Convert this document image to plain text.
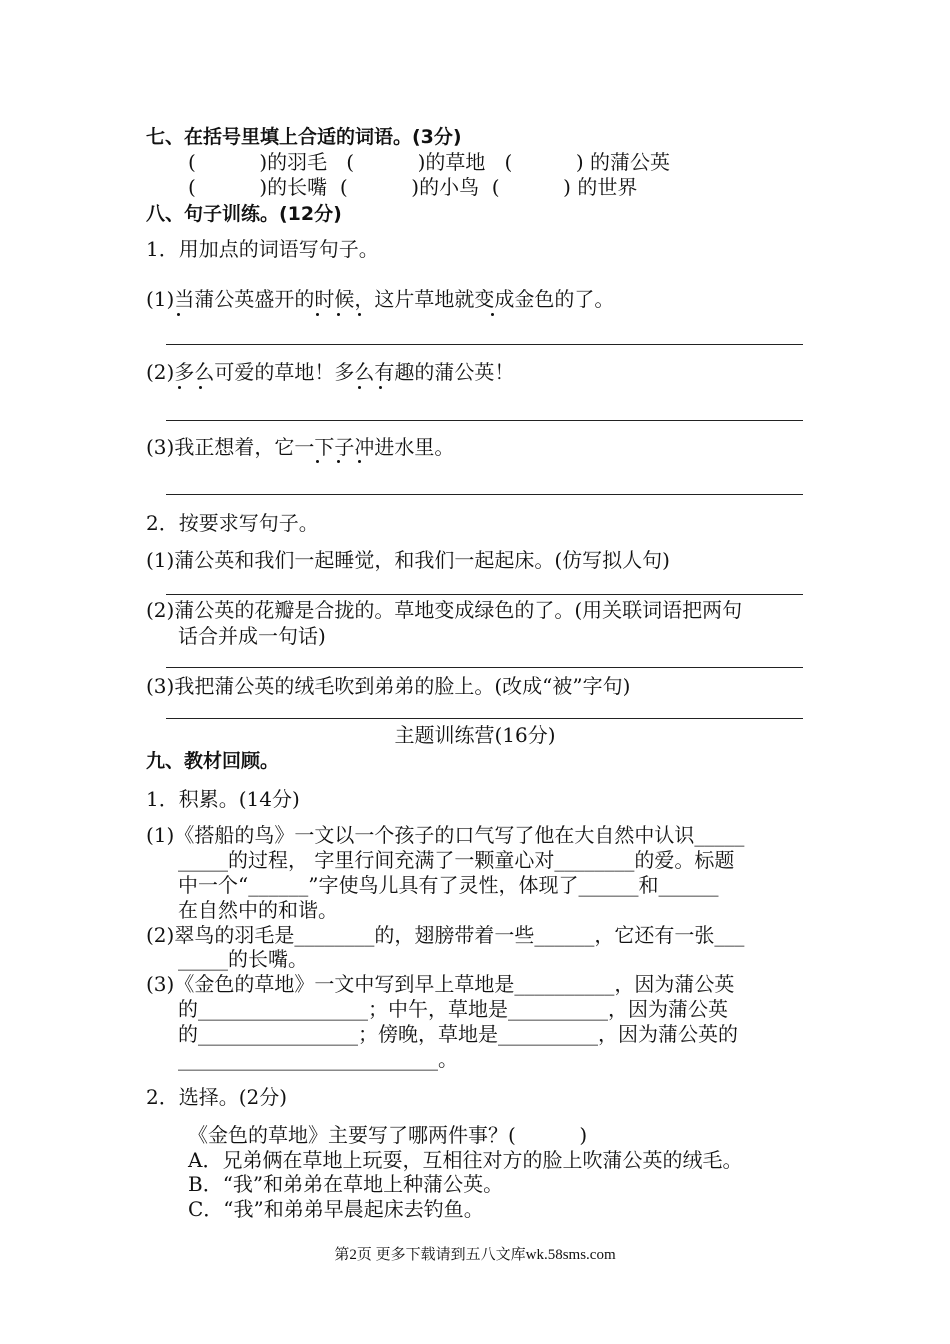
七、在括号里填上合适的词语。(3分)
(          )的羽毛   (          )的草地   (          ) 的蒲公英
(          )的长嘴  (          )的小鸟  (          ) 的世界
八、句子训练。(12分)
1．用加点的词语写句子。
(1)当蒲公英盛开的时候，这片草地就变成金色的了。
(2)多么可爱的草地！多么有趣的蒲公英！
(3)我正想着，它一下子冲进水里。
2．按要求写句子。
(1)蒲公英和我们一起睡觉，和我们一起起床。(仿写拟人句)
(2)蒲公英的花瓣是合拢的。草地变成绿色的了。(用关联词语把两句
话合并成一句话)
(3)我把蒲公英的绒毛吹到弟弟的脸上。(改成“被”字句)
主题训练营(16分)
九、教材回顾。
1．积累。(14分)
(1)《搭船的鸟》一文以一个孩子的口气写了他在大自然中认识_____
_____的过程， 字里行间充满了一颗童心对________的爱。标题
中一个“______”字使鸟儿具有了灵性，体现了______和______
在自然中的和谐。
(2)翠鸟的羽毛是________的，翅膀带着一些______，它还有一张___
_____的长嘴。
(3)《金色的草地》一文中写到早上草地是__________，因为蒲公英
的_________________；中午，草地是__________，因为蒲公英
的________________；傍晚，草地是__________，因为蒲公英的
__________________________。
2．选择。(2分)
《金色的草地》主要写了哪两件事？(          )
A．兄弟俩在草地上玩耍，互相往对方的脸上吹蒲公英的绒毛。
B．“我”和弟弟在草地上种蒲公英。
C．“我”和弟弟早晨起床去钓鱼。
第2页 更多下载请到五八文库wk.58sms.com
